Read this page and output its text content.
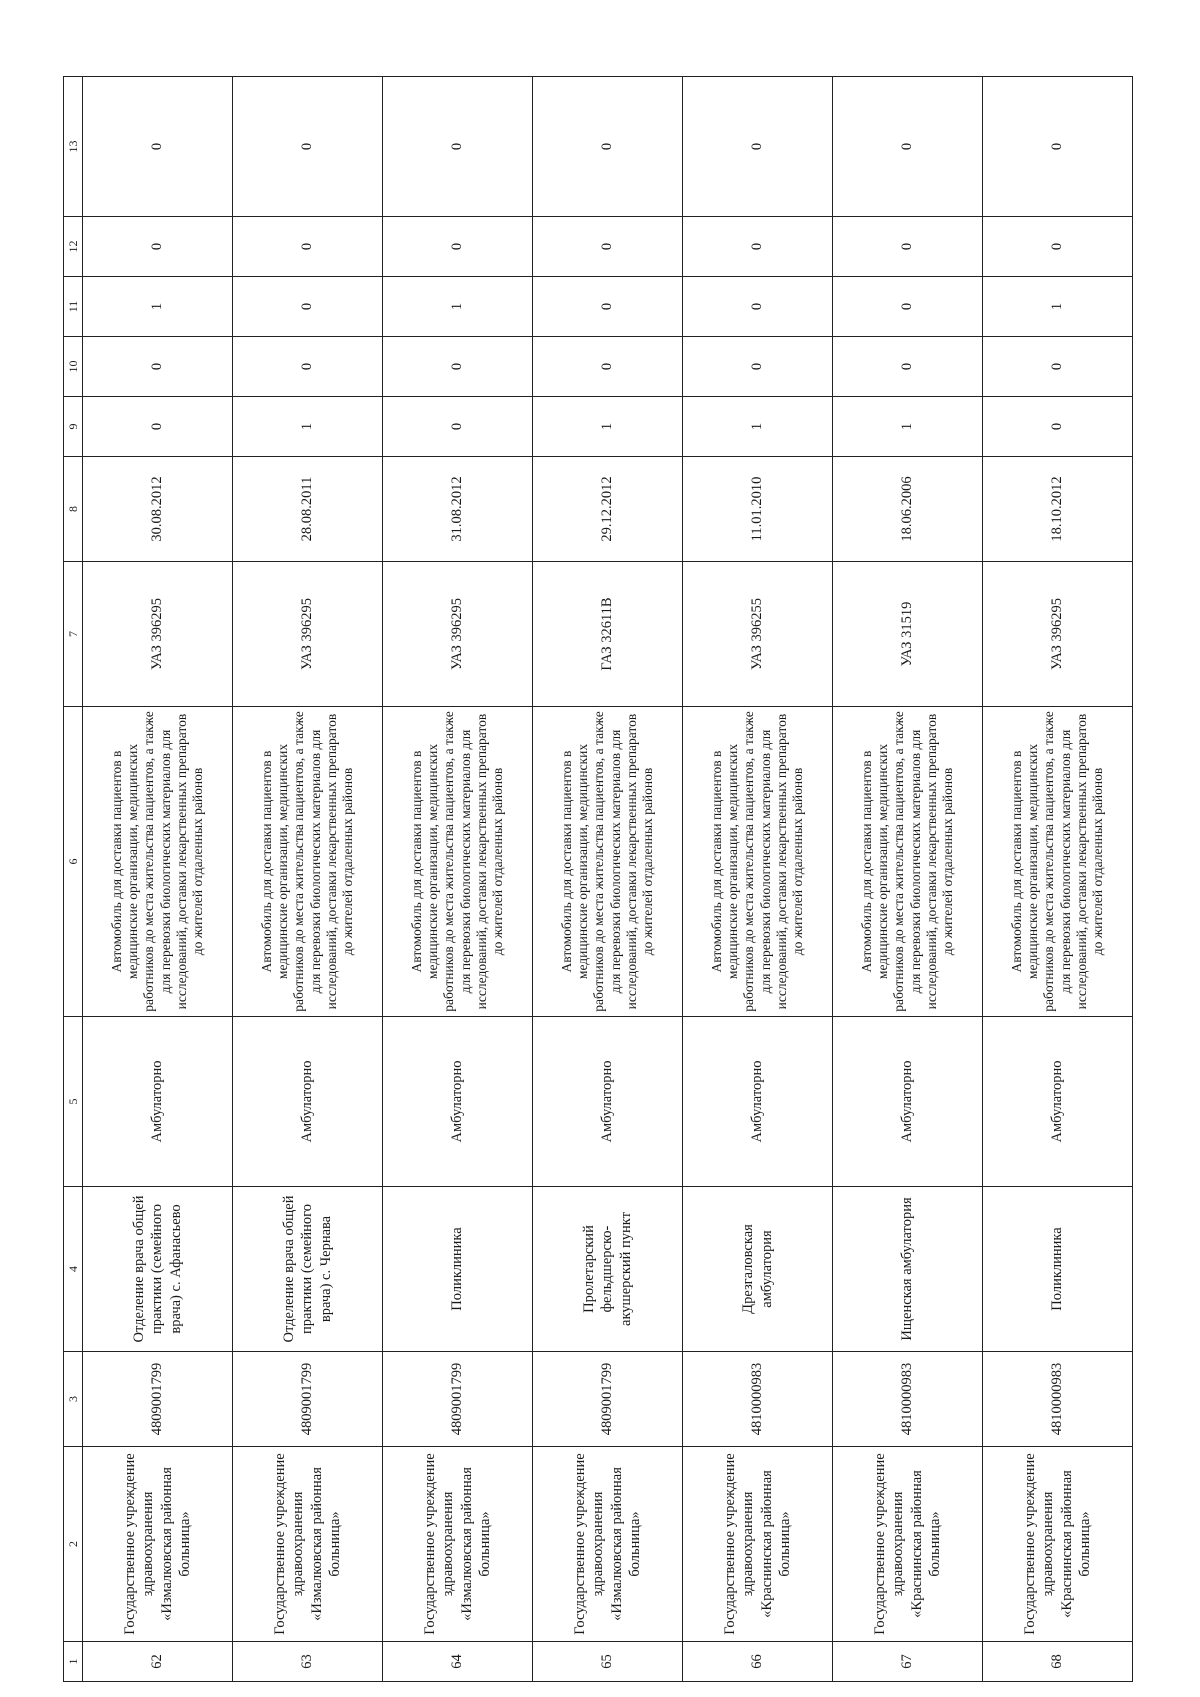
1	2	3	4	5	6	7	8	9	10	11	12	13
62	Государственное учреждение здравоохранения «Измалковская районная больница»	4809001799	Отделение врача общей практики (семейного врача) с. Афанасьево	Амбулаторно	Автомобиль для доставки пациентов в медицинские организации, медицинских работников до места жительства пациентов, а также для перевозки биологических материалов для исследований, доставки лекарственных препаратов до жителей отдаленных районов	УАЗ 396295	30.08.2012	0	0	1	0	0
63	Государственное учреждение здравоохранения «Измалковская районная больница»	4809001799	Отделение врача общей практики (семейного врача) с. Чернава	Амбулаторно	Автомобиль для доставки пациентов в медицинские организации, медицинских работников до места жительства пациентов, а также для перевозки биологических материалов для исследований, доставки лекарственных препаратов до жителей отдаленных районов	УАЗ 396295	28.08.2011	1	0	0	0	0
64	Государственное учреждение здравоохранения «Измалковская районная больница»	4809001799	Поликлиника	Амбулаторно	Автомобиль для доставки пациентов в медицинские организации, медицинских работников до места жительства пациентов, а также для перевозки биологических материалов для исследований, доставки лекарственных препаратов до жителей отдаленных районов	УАЗ 396295	31.08.2012	0	0	1	0	0
65	Государственное учреждение здравоохранения «Измалковская районная больница»	4809001799	Пролетарский фельдшерско-акушерский пункт	Амбулаторно	Автомобиль для доставки пациентов в медицинские организации, медицинских работников до места жительства пациентов, а также для перевозки биологических материалов для исследований, доставки лекарственных препаратов до жителей отдаленных районов	ГАЗ 32611В	29.12.2012	1	0	0	0	0
66	Государственное учреждение здравоохранения «Краснинская районная больница»	4810000983	Дрезгаловская амбулатория	Амбулаторно	Автомобиль для доставки пациентов в медицинские организации, медицинских работников до места жительства пациентов, а также для перевозки биологических материалов для исследований, доставки лекарственных препаратов до жителей отдаленных районов	УАЗ 396255	11.01.2010	1	0	0	0	0
67	Государственное учреждение здравоохранения «Краснинская районная больница»	4810000983	Ищенская амбулатория	Амбулаторно	Автомобиль для доставки пациентов в медицинские организации, медицинских работников до места жительства пациентов, а также для перевозки биологических материалов для исследований, доставки лекарственных препаратов до жителей отдаленных районов	УАЗ 31519	18.06.2006	1	0	0	0	0
68	Государственное учреждение здравоохранения «Краснинская районная больница»	4810000983	Поликлиника	Амбулаторно	Автомобиль для доставки пациентов в медицинские организации, медицинских работников до места жительства пациентов, а также для перевозки биологических материалов для исследований, доставки лекарственных препаратов до жителей отдаленных районов	УАЗ 396295	18.10.2012	0	0	1	0	0
